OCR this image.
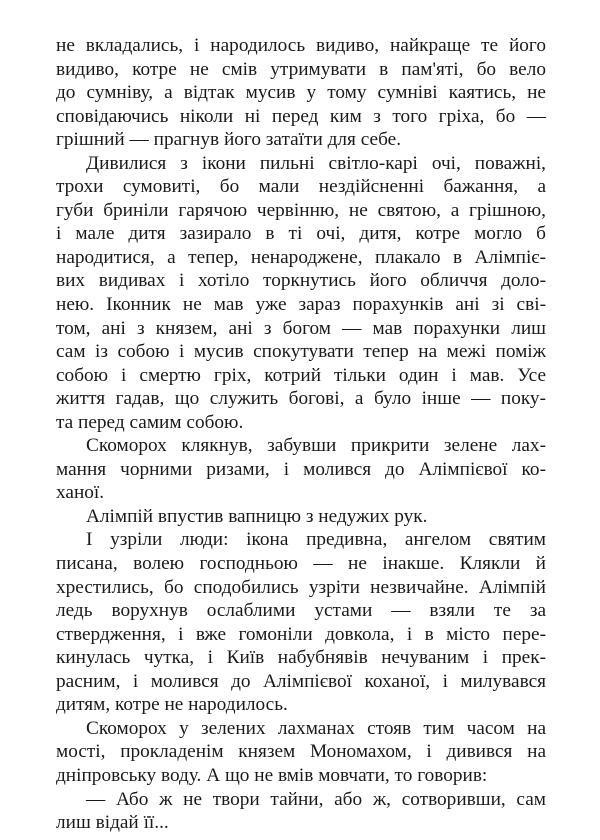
не вкладались, і народилось видиво, найкраще те його
видиво, котре не смів утримувати в пам'яті, бо вело
до сумніву, а відтак мусив у тому сумніві каятись, не
сповідаючись ніколи ні перед ким з того гріха, бо —
грішний — прагнув його затаїти для себе.
Дивилися з ікони пильні світло-карі очі, поважні,
трохи сумовиті, бо мали нездійсненні бажання, а
губи бриніли гарячою червінню, не святою, а грішною,
і мале дитя зазирало в ті очі, дитя, котре могло б
народитися, а тепер, ненароджене, плакало в Алімпіє-
вих видивах і хотіло торкнутись його обличчя доло-
нею. Іконник не мав уже зараз порахунків ані зі сві-
том, ані з князем, ані з богом — мав порахунки лиш
сам із собою і мусив спокутувати тепер на межі поміж
собою і смертю гріх, котрий тільки один і мав. Усе
життя гадав, що служить богові, а було інше — поку-
та перед самим собою.
Скоморох клякнув, забувши прикрити зелене лах-
мання чорними ризами, і молився до Алімпієвої ко-
ханої.
Алімпій впустив вапницю з недужих рук.
І узріли люди: ікона предивна, ангелом святим
писана, волею господньою — не інакше. Клякли й
хрестились, бо сподобились узріти незвичайне. Алімпій
ледь ворухнув ослаблими устами — взяли те за
ствердження, і вже гомоніли довкола, і в місто пере-
кинулась чутка, і Київ набубнявів нечуваним і прек-
расним, і молився до Алімпієвої коханої, і милувався
дитям, котре не народилось.
Скоморох у зелених лахманах стояв тим часом на
мості, прокладенім князем Мономахом, і дивився на
дніпровську воду. А що не вмів мовчати, то говорив:
— Або ж не твори тайни, або ж, сотворивши, сам
лиш відай її...
